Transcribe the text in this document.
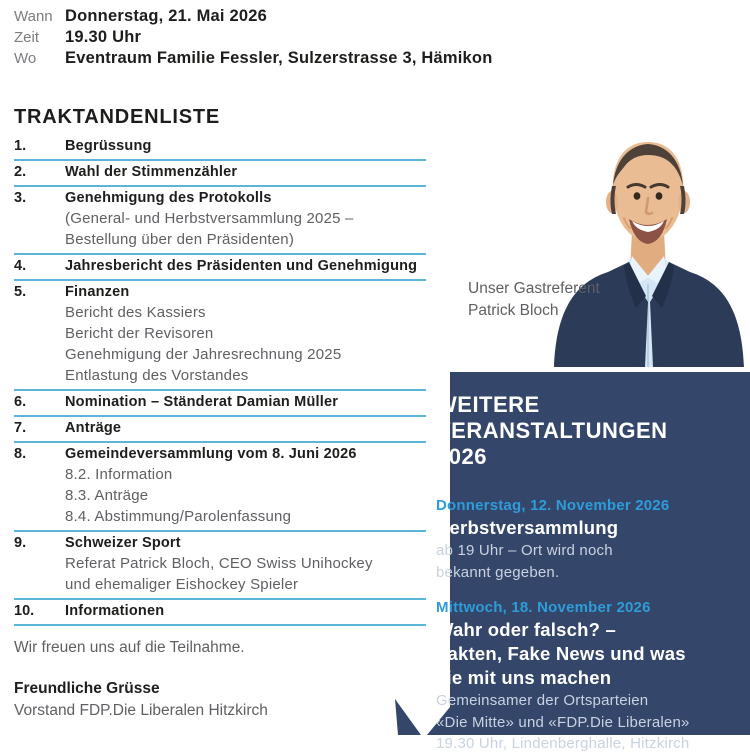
Wann Donnerstag, 21. Mai 2026
Zeit	19.30 Uhr
Wo	Eventraum Familie Fessler, Sulzerstrasse 3, Hämikon
TRAKTANDENLISTE
1.	Begrüssung
2.	Wahl der Stimmenzähler
3.	Genehmigung des Protokolls
(General- und Herbstversammlung 2025 –
Bestellung über den Präsidenten)
4.	Jahresbericht des Präsidenten und Genehmigung
5.	Finanzen
Bericht des Kassiers
Bericht der Revisoren
Genehmigung der Jahresrechnung 2025
Entlastung des Vorstandes
6.	Nomination – Ständerat Damian Müller
7.	Anträge
8.	Gemeindeversammlung vom 8. Juni 2026
8.2. Information
8.3. Anträge
8.4. Abstimmung/Parolenfassung
9.	Schweizer Sport
Referat Patrick Bloch, CEO Swiss Unihockey
und ehemaliger Eishockey Spieler
10.	Informationen
Wir freuen uns auf die Teilnahme.
Freundliche Grüsse
Vorstand FDP.Die Liberalen Hitzkirch
Unser Gastreferent
Patrick Bloch
WEITERE VERANSTALTUNGEN 2026
Donnerstag, 12. November 2026
Herbstversammlung
ab 19 Uhr – Ort wird noch
bekannt gegeben.
Mittwoch, 18. November 2026
Wahr oder falsch? – Fakten, Fake News und was sie mit uns machen
Gemeinsamer der Ortsparteien
«Die Mitte» und «FDP.Die Liberalen»
19.30 Uhr, Lindenberghalle, Hitzkirch
